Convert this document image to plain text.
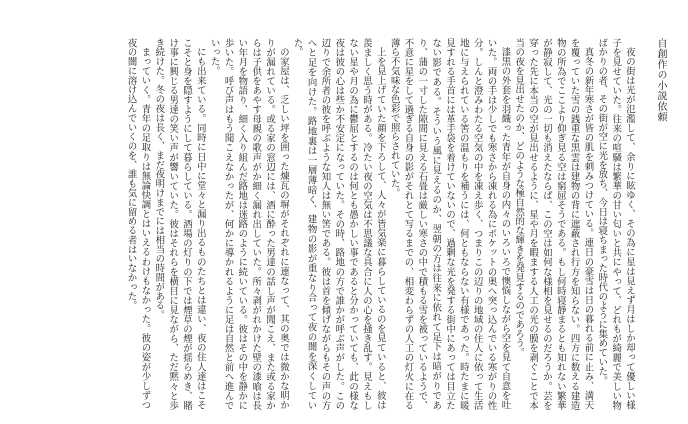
自創作の小説依頼

夜の街は光が氾濫して、余りに眩ゆく、その為に星は見えず月はしか却って優しい様子を見せていた。往来の喧騒は繁華の甘い匂いと共にやって、どれもが綺麗で美しい物ばかりの者、その街が空に光を放ち、今日は寝ちまった時代のように集めていた。

真冬の新年寒さが皆の肌を刺みつけている。連日の豪雪は日の暮れる前に止み、満天を覆っていた雪の銭重な黒雲は建物の背に遮蔽され行方を知らない。四方に数える建造物の所為でここより仰ぎ見る空は窮屈そうである。もし何時寝静まるとも知れない繁華が静寂して、光の一切も消えたならば、この空は如何な様相を見せるのだろうか。芸を穿った先に本当の空が見出せるように、星や月を暇まする人工の光の膜を剥ぐことで本当の夜を見出せたのか、どのような極自然的な輝きを発見するのであろう。

漆黒の外套を羽織った青年が自身の内々のいろいろで懊悩しながら空を見て自意を吐いた。両の手は少しでも寒さから凍れる為にポケットの奥へ突っ込んでいる寒がりの性分。しんと澄みわたる空気の中を凍え歩く、つまりこの辺りの地域の住人に依って生活地に与えられている筈の温もりを補うには、何ともならない有様であった。時たまに暖見すれる手首には革手袋を着けていないので、過剰な光を発する街中にあっては目立たない影である。そういう風に見えるのか、翌朝の方は往来に依れて足下は暗がりであり、蒲の一寸した隙間に見える石畳は厳しい寒さの中で積もる雪を被っているようで、不意に星をして過ぎる自身の影がそれとて写るまでの、相変わらずの人工の灯火に在る薄ら不気味な色彩で照らされていた。

上を見上げていた顔を下ろして、人々が皆気楽に暮らしているのを見ていると、彼は羨ましく思う時がある。冷たい夜の空気は不思議な具合に人の心を掻き乱す。見えもしない星や月の為に鬱屈とするのは何とも愚かしい事であると分かっていても、此の様な夜は彼の心は些か不安定になっていた。その時、路地の方で誰かが呼ぶ声がした。この辺りで余所者の彼を呼ぶような知人は無い筈である。彼は首を傾げながらもその声の方へと足を向けた。路地裏は一層薄暗く、建物の影が重なり合って夜の闇を深くしていた。

の家屋は、乏しい坪を囲った煉瓦の塀がそれぞれに連なって、其の奥では微かな明かりが漏れている。或る家の窓辺には、酒に酔った男達の話し声が聞こえ、また或る家からは子供をあやす母親の歌声がか細く漏れ出していた。所々剥がれかけた壁の漆喰は長い年月を物語り、細く入り組んだ路地は迷路のように続いている。彼はその中を静かに歩いた。呼び声はもう聞こえなかったが、何かに導かれるように足は自然と前へ進んでいった。

にも出来ている。同時に日中に堂々と漏り出るものたちとは違い、夜の住人達はこそこそと身を隠すようにして暮らしている。酒場の灯りの下では煙草の煙が揺らめき、賭け事に興じる男達の笑い声が響いていた。彼はそれらを横目に見ながら、ただ黙々と歩き続けた。冬の夜は長く、まだ夜明けまでには相当の時間がある。

まっていく。青年の足取りは無論快調とはいえるわけもなかった。彼の姿が少しずつ夜の闇に溶け込んでいくのを、誰も気に留める者はいなかった。
